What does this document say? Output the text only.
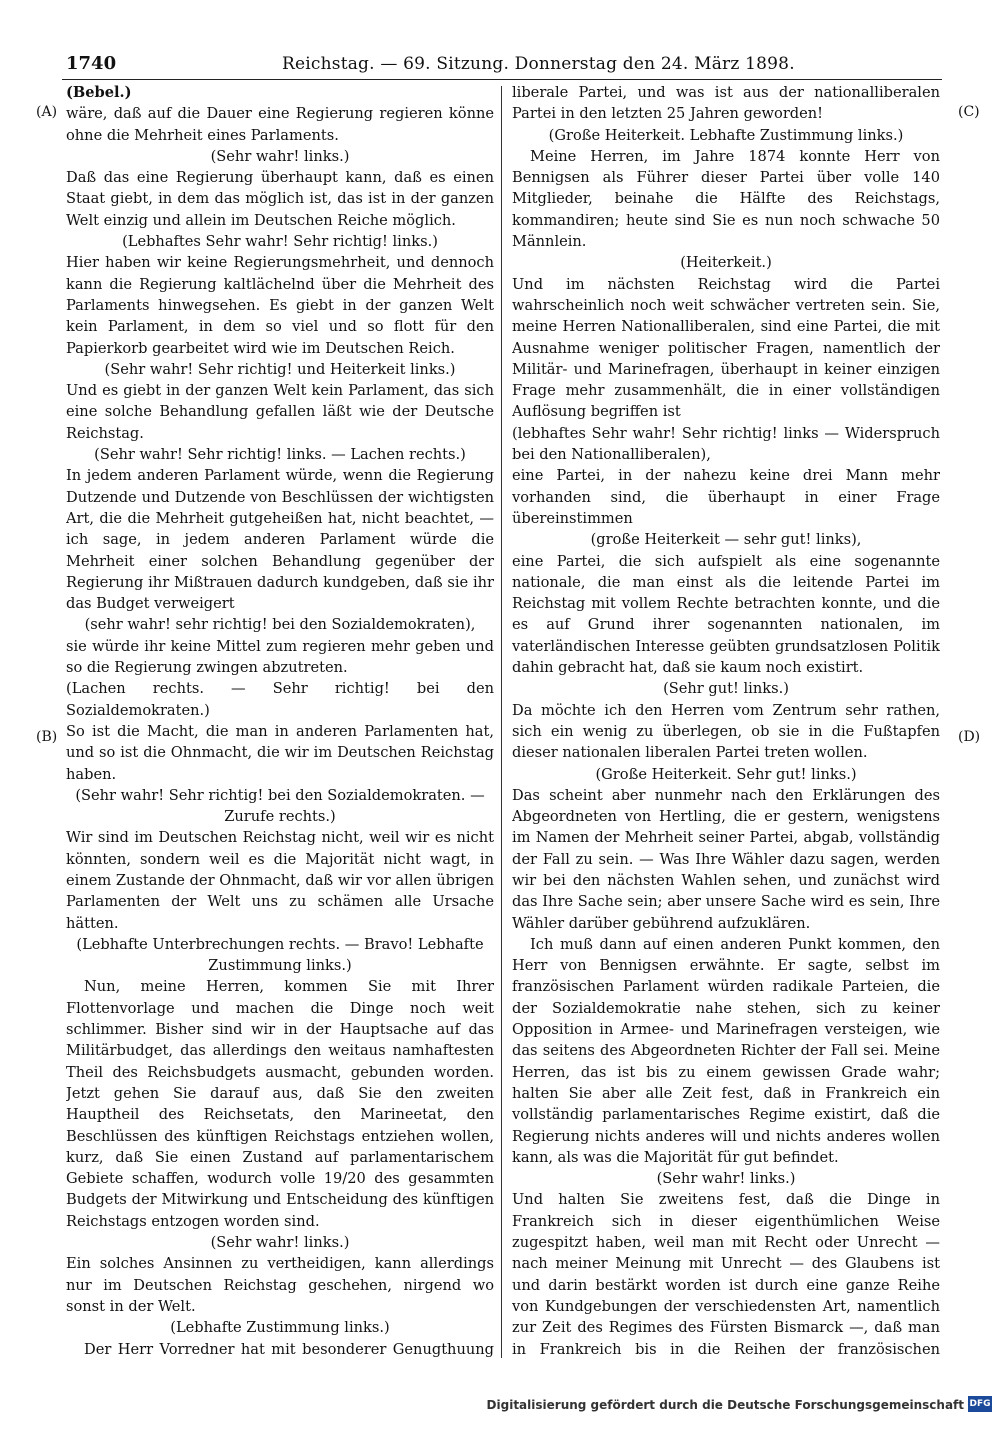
1740	Reichstag. — 69. Sitzung. Donnerstag den 24. März 1898.
(A)
(B)
(C)
(D)

(Bebel.)

wäre, daß auf die Dauer eine Regierung regieren könne ohne die Mehrheit eines Parlaments.

(Sehr wahr! links.)

Daß das eine Regierung überhaupt kann, daß es einen Staat giebt, in dem das möglich ist, das ist in der ganzen Welt einzig und allein im Deutschen Reiche möglich.

(Lebhaftes Sehr wahr! Sehr richtig! links.)

Hier haben wir keine Regierungsmehrheit, und dennoch kann die Regierung kaltlächelnd über die Mehrheit des Parlaments hinwegsehen. Es giebt in der ganzen Welt kein Parlament, in dem so viel und so flott für den Papierkorb gearbeitet wird wie im Deutschen Reich.

(Sehr wahr! Sehr richtig! und Heiterkeit links.)

Und es giebt in der ganzen Welt kein Parlament, das sich eine solche Behandlung gefallen läßt wie der Deutsche Reichstag.

(Sehr wahr! Sehr richtig! links. — Lachen rechts.)

In jedem anderen Parlament würde, wenn die Regierung Dutzende und Dutzende von Beschlüssen der wichtigsten Art, die die Mehrheit gutgeheißen hat, nicht beachtet, — ich sage, in jedem anderen Parlament würde die Mehrheit einer solchen Behandlung gegenüber der Regierung ihr Mißtrauen dadurch kundgeben, daß sie ihr das Budget verweigert

(sehr wahr! sehr richtig! bei den Sozialdemokraten),

sie würde ihr keine Mittel zum regieren mehr geben und so die Regierung zwingen abzutreten.

(Lachen rechts. — Sehr richtig! bei den Sozialdemokraten.)

So ist die Macht, die man in anderen Parlamenten hat, und so ist die Ohnmacht, die wir im Deutschen Reichstag haben.

(Sehr wahr! Sehr richtig! bei den Sozialdemokraten. — Zurufe rechts.)

Wir sind im Deutschen Reichstag nicht, weil wir es nicht könnten, sondern weil es die Majorität nicht wagt, in einem Zustande der Ohnmacht, daß wir vor allen übrigen Parlamenten der Welt uns zu schämen alle Ursache hätten.

(Lebhafte Unterbrechungen rechts. — Bravo! Lebhafte Zustimmung links.)

Nun, meine Herren, kommen Sie mit Ihrer Flottenvorlage und machen die Dinge noch weit schlimmer. Bisher sind wir in der Hauptsache auf das Militärbudget, das allerdings den weitaus namhaftesten Theil des Reichsbudgets ausmacht, gebunden worden. Jetzt gehen Sie darauf aus, daß Sie den zweiten Hauptheil des Reichsetats, den Marineetat, den Beschlüssen des künftigen Reichstags entziehen wollen, kurz, daß Sie einen Zustand auf parlamentarischem Gebiete schaffen, wodurch volle 19/20 des gesammten Budgets der Mitwirkung und Entscheidung des künftigen Reichstags entzogen worden sind.

(Sehr wahr! links.)

Ein solches Ansinnen zu vertheidigen, kann allerdings nur im Deutschen Reichstag geschehen, nirgend wo sonst in der Welt.

(Lebhafte Zustimmung links.)

Der Herr Vorredner hat mit besonderer Genugthuung

liberale Partei, und was ist aus der nationalliberalen Partei in den letzten 25 Jahren geworden!

(Große Heiterkeit. Lebhafte Zustimmung links.)

Meine Herren, im Jahre 1874 konnte Herr von Bennigsen als Führer dieser Partei über volle 140 Mitglieder, beinahe die Hälfte des Reichstags, kommandiren; heute sind Sie es nun noch schwache 50 Männlein.

(Heiterkeit.)

Und im nächsten Reichstag wird die Partei wahrscheinlich noch weit schwächer vertreten sein. Sie, meine Herren Nationalliberalen, sind eine Partei, die mit Ausnahme weniger politischer Fragen, namentlich der Militär- und Marinefragen, überhaupt in keiner einzigen Frage mehr zusammenhält, die in einer vollständigen Auflösung begriffen ist

(lebhaftes Sehr wahr! Sehr richtig! links — Widerspruch bei den Nationalliberalen),

eine Partei, in der nahezu keine drei Mann mehr vorhanden sind, die überhaupt in einer Frage übereinstimmen

(große Heiterkeit — sehr gut! links),

eine Partei, die sich aufspielt als eine sogenannte nationale, die man einst als die leitende Partei im Reichstag mit vollem Rechte betrachten konnte, und die es auf Grund ihrer sogenannten nationalen, im vaterländischen Interesse geübten grundsatzlosen Politik dahin gebracht hat, daß sie kaum noch existirt.

(Sehr gut! links.)

Da möchte ich den Herren vom Zentrum sehr rathen, sich ein wenig zu überlegen, ob sie in die Fußtapfen dieser nationalen liberalen Partei treten wollen.

(Große Heiterkeit. Sehr gut! links.)

Das scheint aber nunmehr nach den Erklärungen des Abgeordneten von Hertling, die er gestern, wenigstens im Namen der Mehrheit seiner Partei, abgab, vollständig der Fall zu sein. — Was Ihre Wähler dazu sagen, werden wir bei den nächsten Wahlen sehen, und zunächst wird das Ihre Sache sein; aber unsere Sache wird es sein, Ihre Wähler darüber gebührend aufzuklären.

Ich muß dann auf einen anderen Punkt kommen, den Herr von Bennigsen erwähnte. Er sagte, selbst im französischen Parlament würden radikale Parteien, die der Sozialdemokratie nahe stehen, sich zu keiner Opposition in Armee- und Marinefragen versteigen, wie das seitens des Abgeordneten Richter der Fall sei. Meine Herren, das ist bis zu einem gewissen Grade wahr; halten Sie aber alle Zeit fest, daß in Frankreich ein vollständig parlamentarisches Regime existirt, daß die Regierung nichts anderes will und nichts anderes wollen kann, als was die Majorität für gut befindet.

(Sehr wahr! links.)

Und halten Sie zweitens fest, daß die Dinge in Frankreich sich in dieser eigenthümlichen Weise zugespitzt haben, weil man mit Recht oder Unrecht — nach meiner Meinung mit Unrecht — des Glaubens ist und darin bestärkt worden ist durch eine ganze Reihe von Kundgebungen der verschiedensten Art, namentlich zur Zeit des Regimes des Fürsten Bismarck —, daß man in Frankreich bis in die Reihen der französischen

Digitalisierung gefördert durch die Deutsche Forschungsgemeinschaft DFG
